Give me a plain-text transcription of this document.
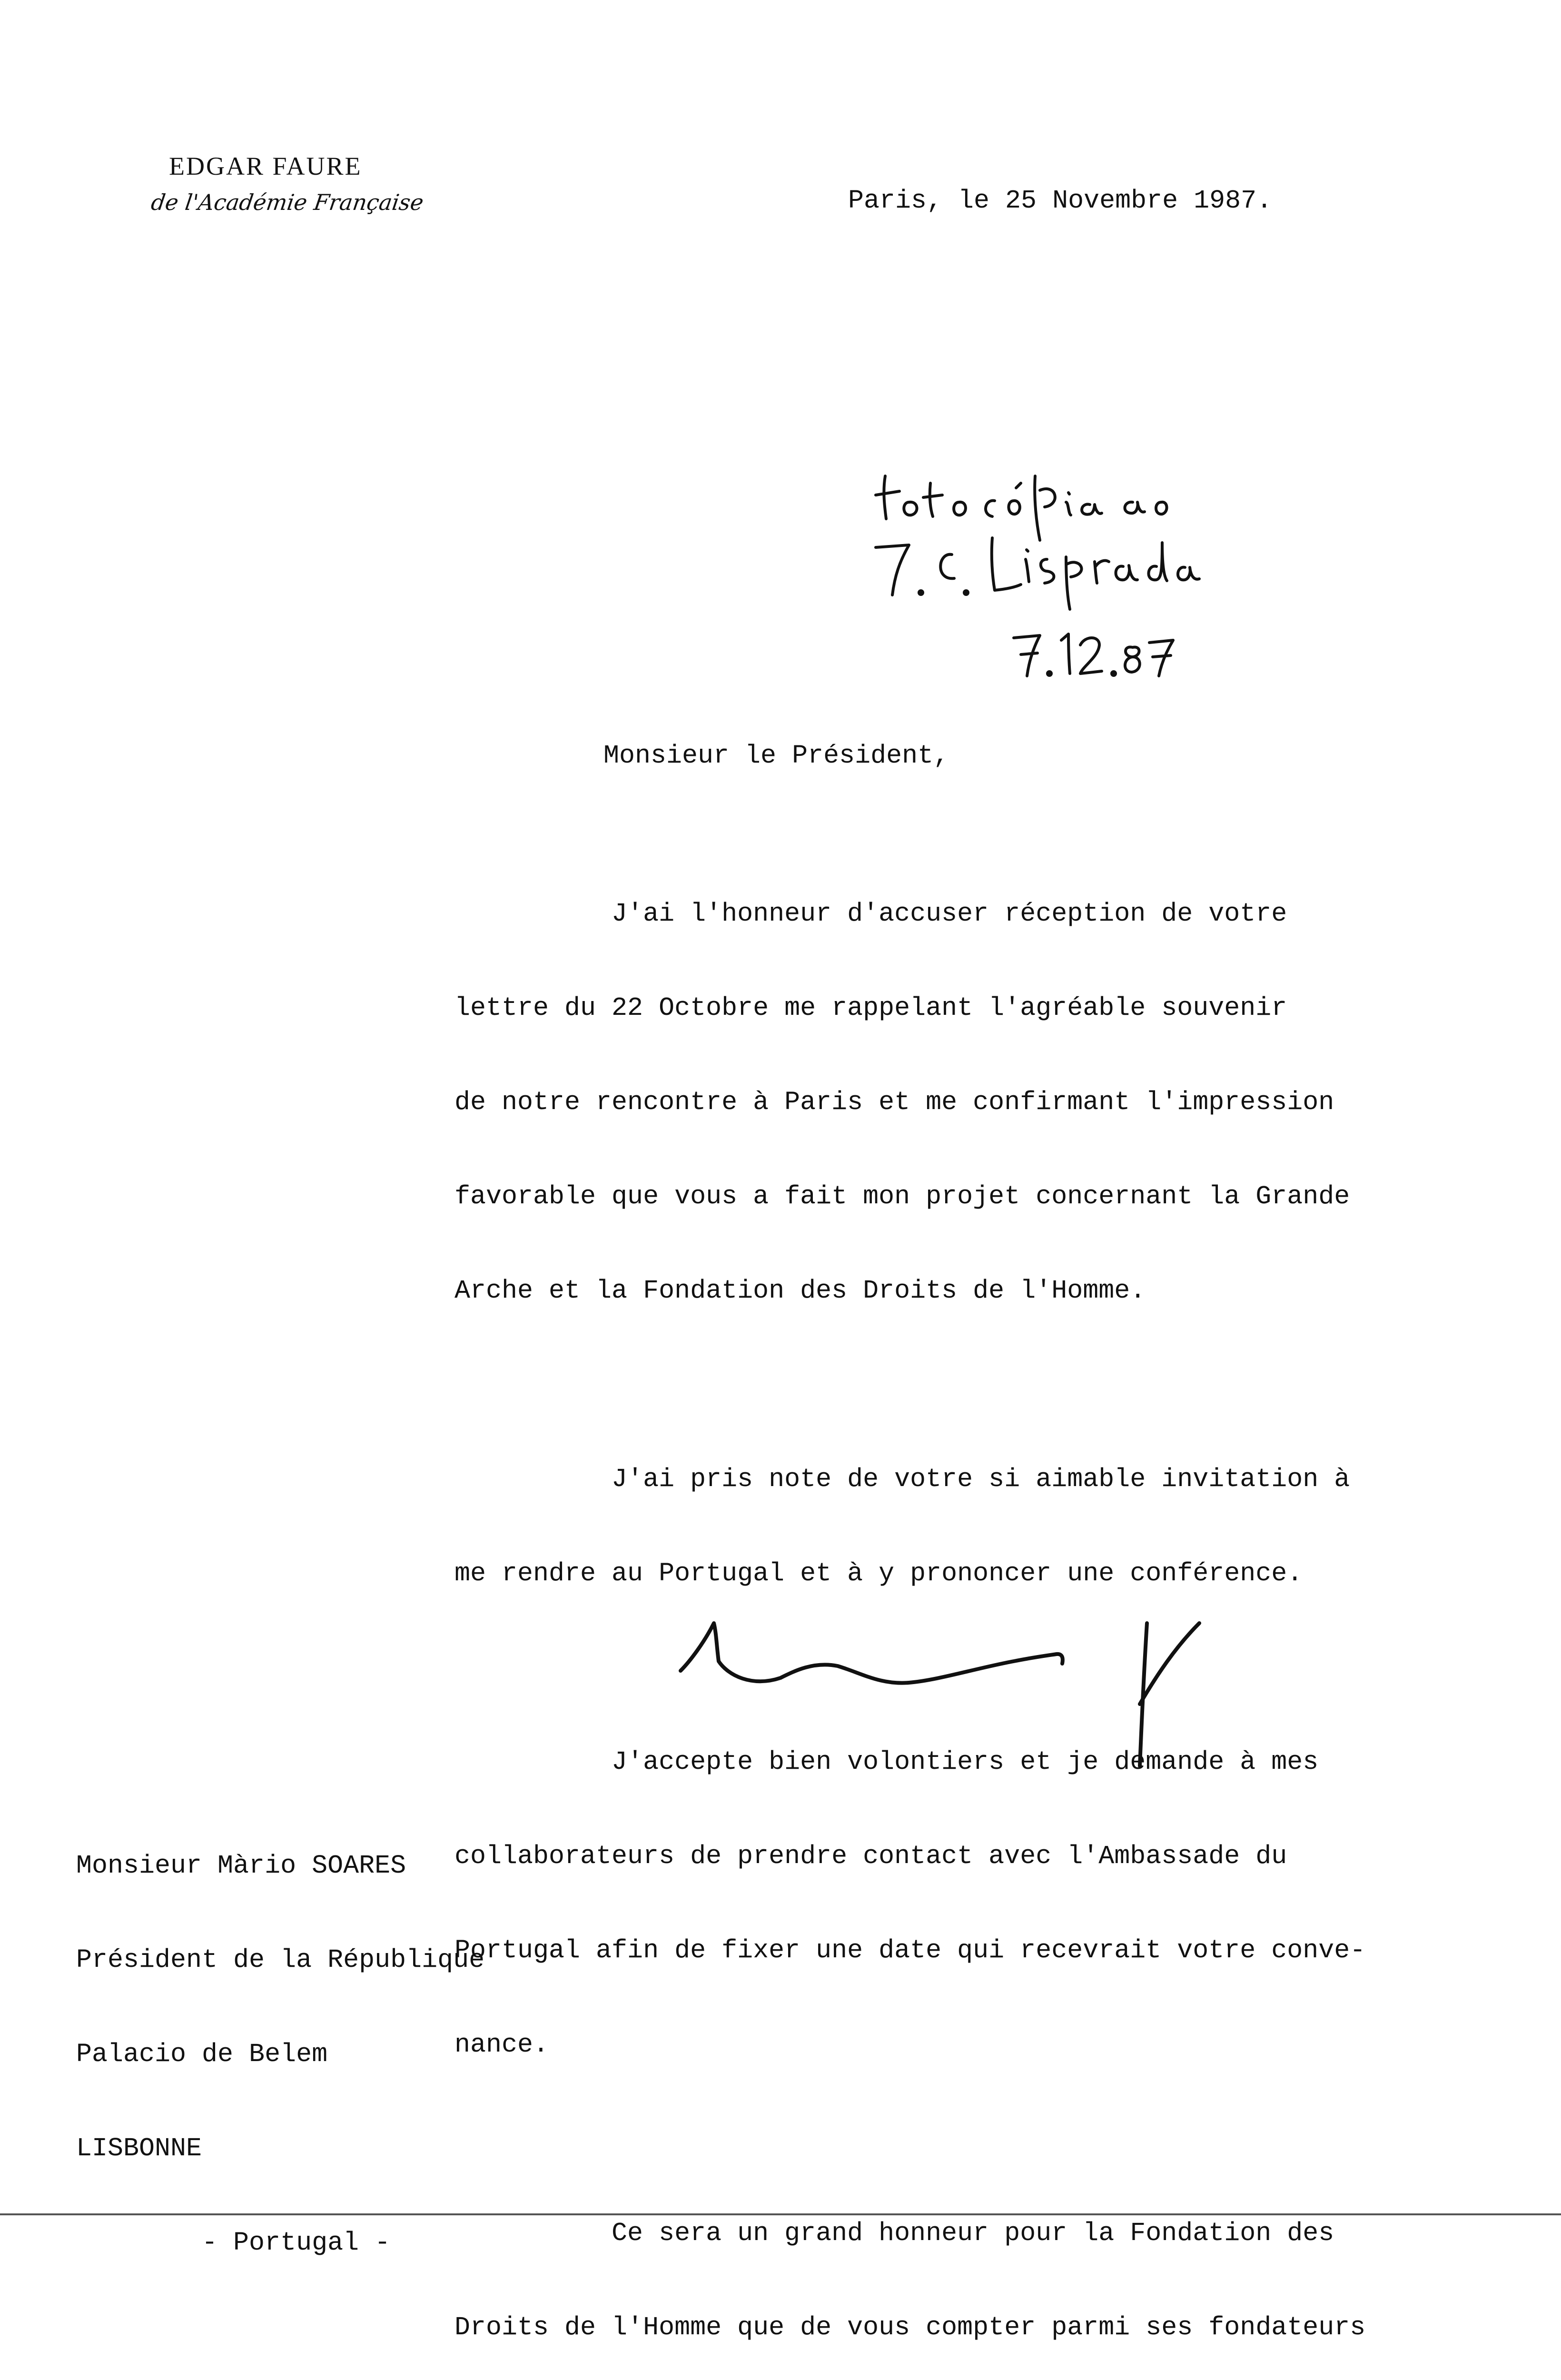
EDGAR FAURE
de l'Académie Française	Paris, le 25 Novembre 1987.
Monsieur le Président,

J'ai l'honneur d'accuser réception de votre

lettre du 22 Octobre me rappelant l'agréable souvenir

de notre rencontre à Paris et me confirmant l'impression

favorable que vous a fait mon projet concernant la Grande

Arche et la Fondation des Droits de l'Homme.

J'ai pris note de votre si aimable invitation à

me rendre au Portugal et à y prononcer une conférence.

J'accepte bien volontiers et je demande à mes

collaborateurs de prendre contact avec l'Ambassade du

Portugal afin de fixer une date qui recevrait votre conve-

nance.

Ce sera un grand honneur pour la Fondation des

Droits de l'Homme que de vous compter parmi ses fondateurs

Monsieur Màrio SOARES

Président de la République

Palacio de Belem

LISBONNE

- Portugal -
